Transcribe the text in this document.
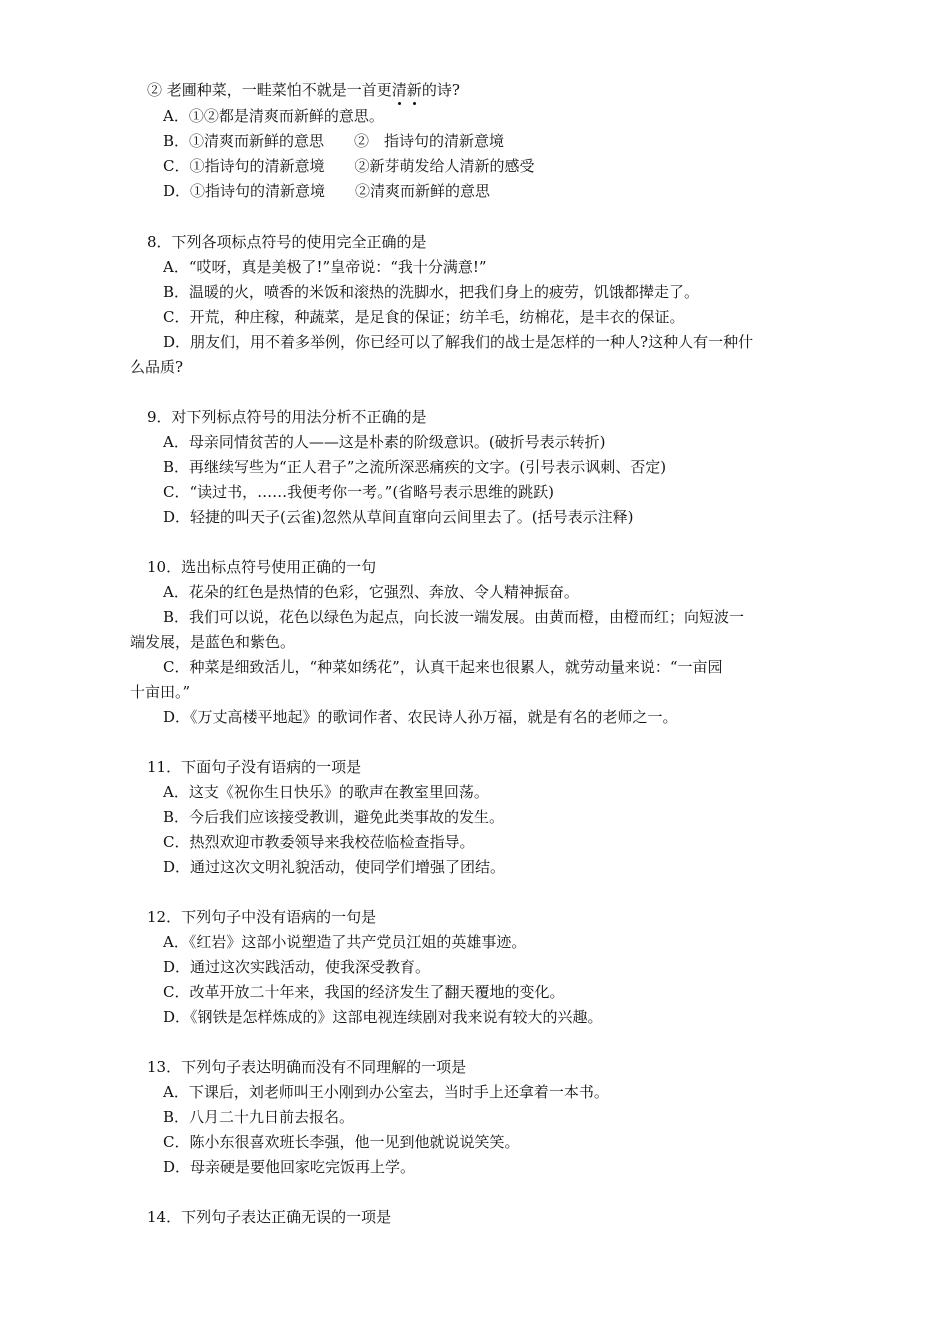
② 老圃种菜，一畦菜怕不就是一首更清
新
的诗?
A．①②都是清爽而新鲜的意思。
B．①清爽而新鲜的意思　　②　指诗句的清新意境
C．①指诗句的清新意境　　②新芽萌发给人清新的感受
D．①指诗句的清新意境　　②清爽而新鲜的意思
8．下列各项标点符号的使用完全正确的是
A．“哎呀，真是美极了!”皇帝说：“我十分满意!”
B．温暖的火，喷香的米饭和滚热的洗脚水，把我们身上的疲劳，饥饿都撵走了。
C．开荒，种庄稼，种蔬菜，是足食的保证；纺羊毛，纺棉花，是丰衣的保证。
D．朋友们，用不着多举例，你已经可以了解我们的战士是怎样的一种人?这种人有一种什
么品质?
9．对下列标点符号的用法分析不正确的是
A．母亲同情贫苦的人——这是朴素的阶级意识。(破折号表示转折)
B．再继续写些为“正人君子”之流所深恶痛疾的文字。(引号表示讽刺、否定)
C．“读过书，……我便考你一考。”(省略号表示思维的跳跃)
D．轻捷的叫天子(云雀)忽然从草间直窜向云间里去了。(括号表示注释)
10．选出标点符号使用正确的一句
A．花朵的红色是热情的色彩，它强烈、奔放、令人精神振奋。
B．我们可以说，花色以绿色为起点，向长波一端发展。由黄而橙，由橙而红；向短波一
端发展，是蓝色和紫色。
C．种菜是细致活儿，“种菜如绣花”，认真干起来也很累人，就劳动量来说：“一亩园
十亩田。”
D．《万丈高楼平地起》的歌词作者、农民诗人孙万福，就是有名的老师之一。
11．下面句子没有语病的一项是
A．这支《祝你生日快乐》的歌声在教室里回荡。
B．今后我们应该接受教训，避免此类事故的发生。
C．热烈欢迎市教委领导来我校莅临检查指导。
D．通过这次文明礼貌活动，使同学们增强了团结。
12．下列句子中没有语病的一句是
A．《红岩》这部小说塑造了共产党员江姐的英雄事迹。
D．通过这次实践活动，使我深受教育。
C．改革开放二十年来，我国的经济发生了翻天覆地的变化。
D．《钢铁是怎样炼成的》这部电视连续剧对我来说有较大的兴趣。
13．下列句子表达明确而没有不同理解的一项是
A．下课后，刘老师叫王小刚到办公室去，当时手上还拿着一本书。
B．八月二十九日前去报名。
C．陈小东很喜欢班长李强，他一见到他就说说笑笑。
D．母亲硬是要他回家吃完饭再上学。
14．下列句子表达正确无误的一项是
